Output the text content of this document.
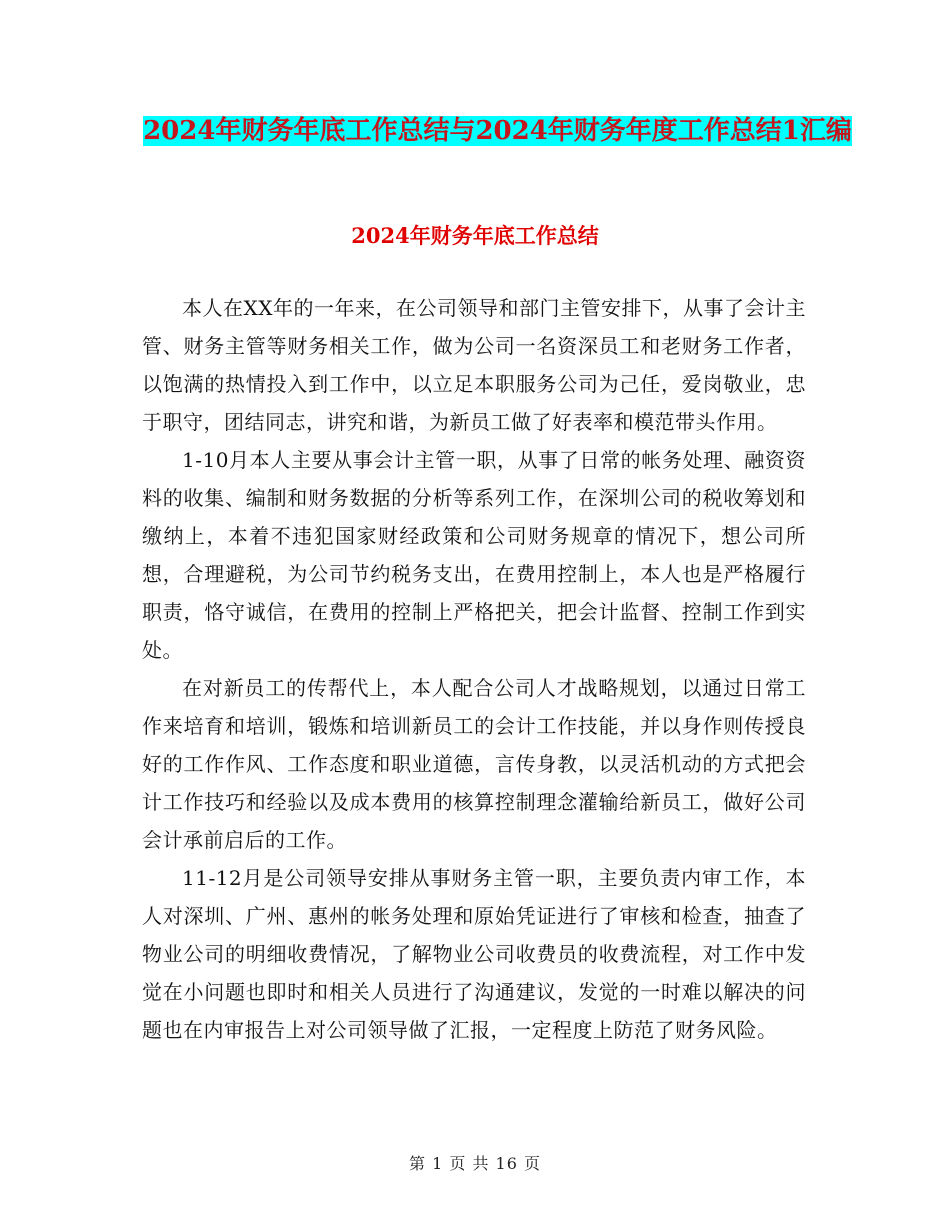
2024年财务年底工作总结与2024年财务年度工作总结1汇编
2024年财务年底工作总结

本人在XX年的一年来，在公司领导和部门主管安排下，从事了会计主管、财务主管等财务相关工作，做为公司一名资深员工和老财务工作者，以饱满的热情投入到工作中，以立足本职服务公司为己任，爱岗敬业，忠于职守，团结同志，讲究和谐，为新员工做了好表率和模范带头作用。

1-10月本人主要从事会计主管一职，从事了日常的帐务处理、融资资料的收集、编制和财务数据的分析等系列工作，在深圳公司的税收筹划和缴纳上，本着不违犯国家财经政策和公司财务规章的情况下，想公司所想，合理避税，为公司节约税务支出，在费用控制上，本人也是严格履行职责，恪守诚信，在费用的控制上严格把关，把会计监督、控制工作到实处。

在对新员工的传帮代上，本人配合公司人才战略规划，以通过日常工作来培育和培训，锻炼和培训新员工的会计工作技能，并以身作则传授良好的工作作风、工作态度和职业道德，言传身教，以灵活机动的方式把会计工作技巧和经验以及成本费用的核算控制理念灌输给新员工，做好公司会计承前启后的工作。

11-12月是公司领导安排从事财务主管一职，主要负责内审工作，本人对深圳、广州、惠州的帐务处理和原始凭证进行了审核和检查，抽查了物业公司的明细收费情况，了解物业公司收费员的收费流程，对工作中发觉在小问题也即时和相关人员进行了沟通建议，发觉的一时难以解决的问题也在内审报告上对公司领导做了汇报，一定程度上防范了财务风险。

第 1 页 共 16 页
